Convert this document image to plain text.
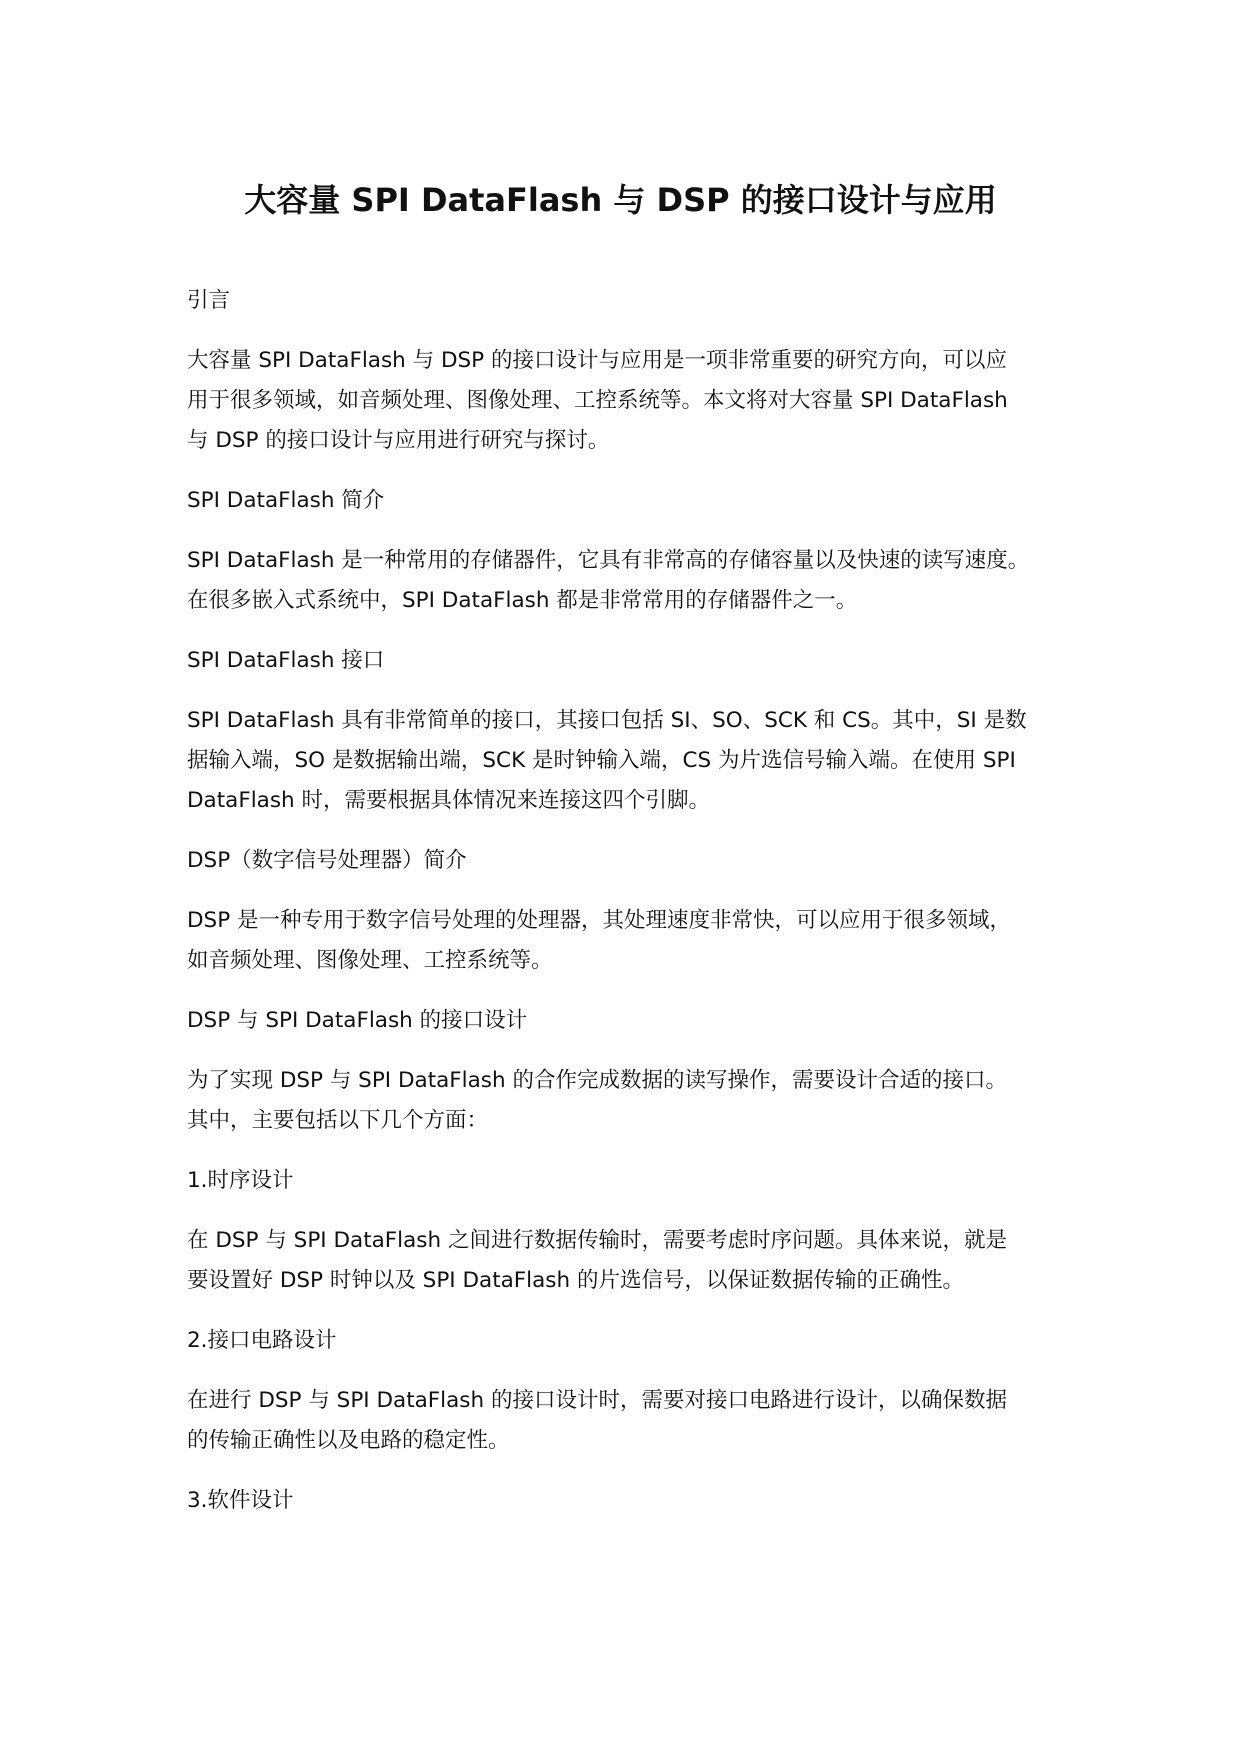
大容量 SPI DataFlash 与 DSP 的接口设计与应用

引言

大容量 SPI DataFlash 与 DSP 的接口设计与应用是一项非常重要的研究方向，可以应
用于很多领域，如音频处理、图像处理、工控系统等。本文将对大容量 SPI DataFlash
与 DSP 的接口设计与应用进行研究与探讨。

SPI DataFlash 简介

SPI DataFlash 是一种常用的存储器件，它具有非常高的存储容量以及快速的读写速度。
在很多嵌入式系统中，SPI DataFlash 都是非常常用的存储器件之一。

SPI DataFlash 接口

SPI DataFlash 具有非常简单的接口，其接口包括 SI、SO、SCK 和 CS。其中，SI 是数
据输入端，SO 是数据输出端，SCK 是时钟输入端，CS 为片选信号输入端。在使用 SPI
DataFlash 时，需要根据具体情况来连接这四个引脚。

DSP（数字信号处理器）简介

DSP 是一种专用于数字信号处理的处理器，其处理速度非常快，可以应用于很多领域，
如音频处理、图像处理、工控系统等。

DSP 与 SPI DataFlash 的接口设计

为了实现 DSP 与 SPI DataFlash 的合作完成数据的读写操作，需要设计合适的接口。
其中，主要包括以下几个方面：

1.时序设计

在 DSP 与 SPI DataFlash 之间进行数据传输时，需要考虑时序问题。具体来说，就是
要设置好 DSP 时钟以及 SPI DataFlash 的片选信号，以保证数据传输的正确性。

2.接口电路设计

在进行 DSP 与 SPI DataFlash 的接口设计时，需要对接口电路进行设计，以确保数据
的传输正确性以及电路的稳定性。

3.软件设计
